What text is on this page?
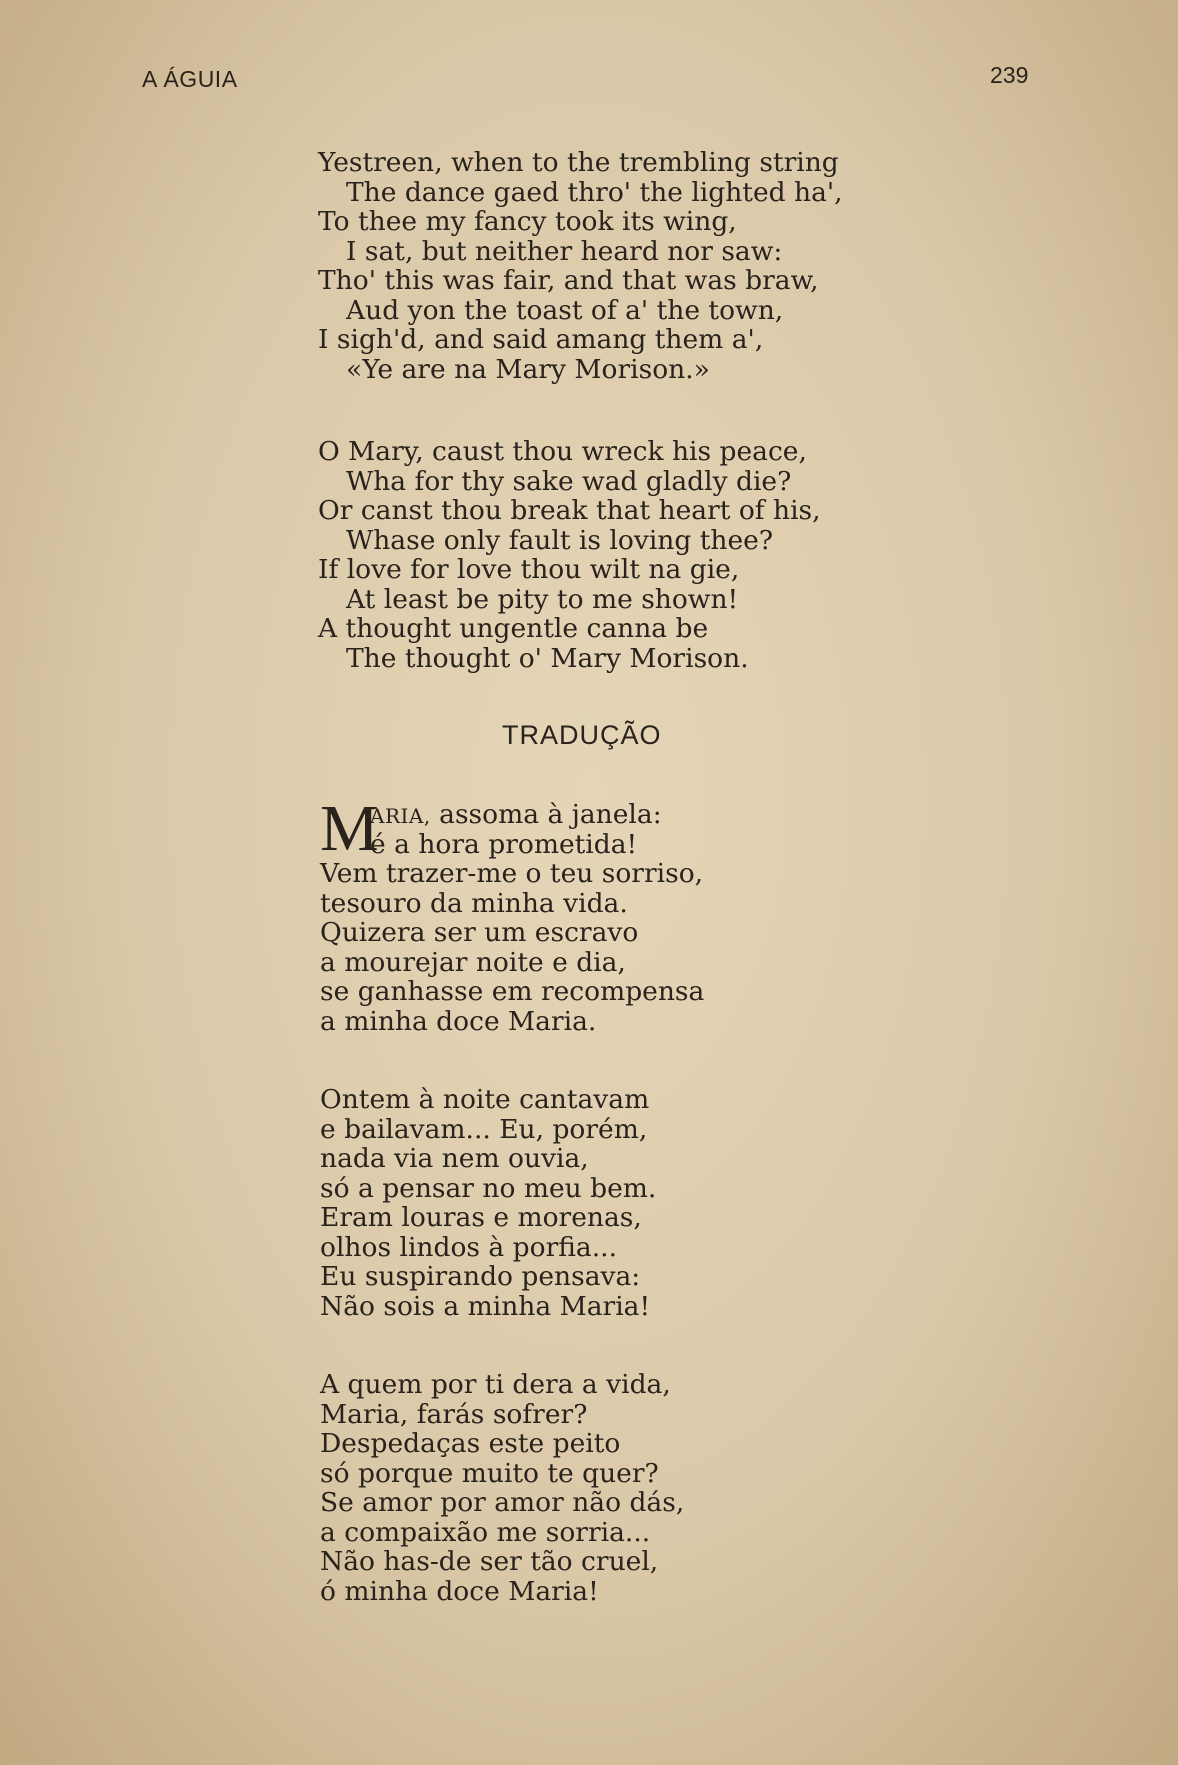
A ÁGUIA	239
Yestreen, when to the trembling string
The dance gaed thro' the lighted ha',
To thee my fancy took its wing,
I sat, but neither heard nor saw:
Tho' this was fair, and that was braw,
Aud yon the toast of a' the town,
I sigh'd, and said amang them a',
«Ye are na Mary Morison.»
O Mary, caust thou wreck his peace,
Wha for thy sake wad gladly die?
Or canst thou break that heart of his,
Whase only fault is loving thee?
If love for love thou wilt na gie,
At least be pity to me shown!
A thought ungentle canna be
The thought o' Mary Morison.
TRADUÇÃO
M
ARIA, assoma à janela:
é a hora prometida!
Vem trazer-me o teu sorriso,
tesouro da minha vida.
Quizera ser um escravo
a mourejar noite e dia,
se ganhasse em recompensa
a minha doce Maria.
Ontem à noite cantavam
e bailavam... Eu, porém,
nada via nem ouvia,
só a pensar no meu bem.
Eram louras e morenas,
olhos lindos à porfia...
Eu suspirando pensava:
Não sois a minha Maria!
A quem por ti dera a vida,
Maria, farás sofrer?
Despedaças este peito
só porque muito te quer?
Se amor por amor não dás,
a compaixão me sorria...
Não has-de ser tão cruel,
ó minha doce Maria!
